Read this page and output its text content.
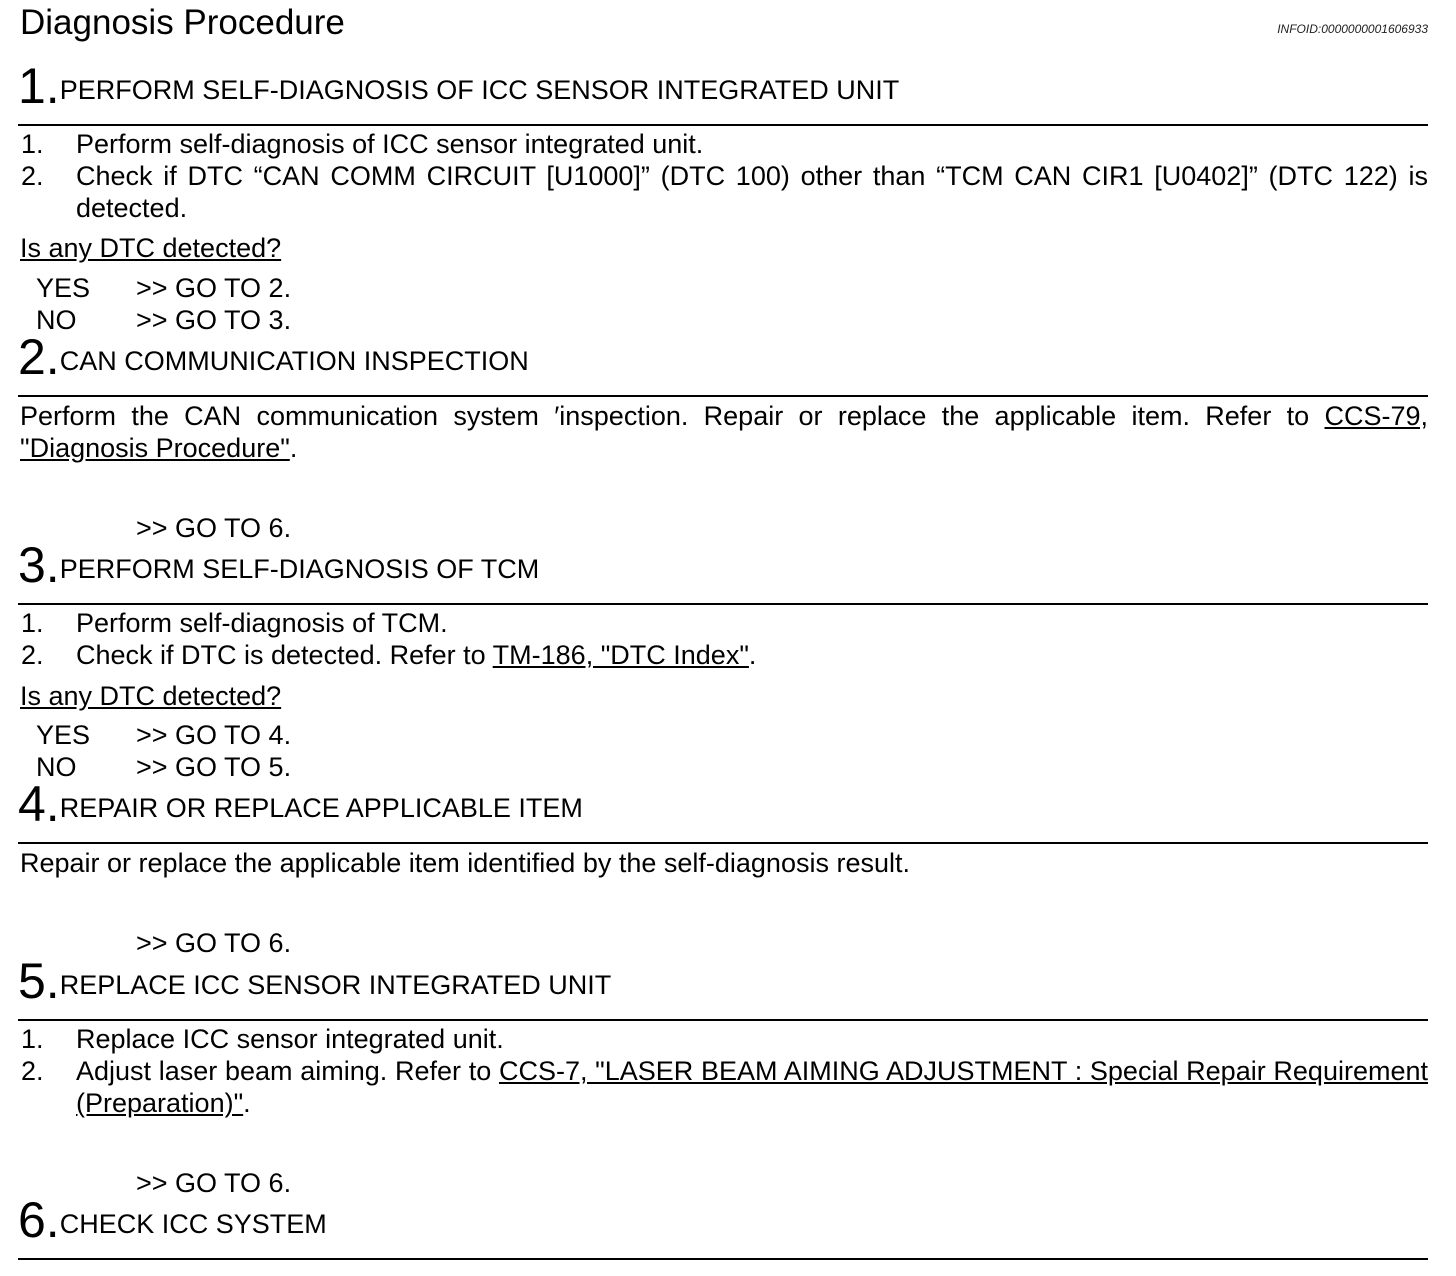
Diagnosis Procedure	INFOID:0000000001606933
1.PERFORM SELF-DIAGNOSIS OF ICC SENSOR INTEGRATED UNIT
1. Perform self-diagnosis of ICC sensor integrated unit.
2. Check if DTC “CAN COMM CIRCUIT [U1000]” (DTC 100) other than “TCM CAN CIR1 [U0402]” (DTC 122) is detected.
Is any DTC detected?
YES >> GO TO 2.
NO >> GO TO 3.
2.CAN COMMUNICATION INSPECTION
Perform the CAN communication system ′inspection. Repair or replace the applicable item. Refer to CCS-79, "Diagnosis Procedure".
>> GO TO 6.
3.PERFORM SELF-DIAGNOSIS OF TCM
1. Perform self-diagnosis of TCM.
2. Check if DTC is detected. Refer to TM-186, "DTC Index".
Is any DTC detected?
YES >> GO TO 4.
NO >> GO TO 5.
4.REPAIR OR REPLACE APPLICABLE ITEM
Repair or replace the applicable item identified by the self-diagnosis result.
>> GO TO 6.
5.REPLACE ICC SENSOR INTEGRATED UNIT
1. Replace ICC sensor integrated unit.
2. Adjust laser beam aiming. Refer to CCS-7, "LASER BEAM AIMING ADJUSTMENT : Special Repair Requirement (Preparation)".
>> GO TO 6.
6.CHECK ICC SYSTEM
